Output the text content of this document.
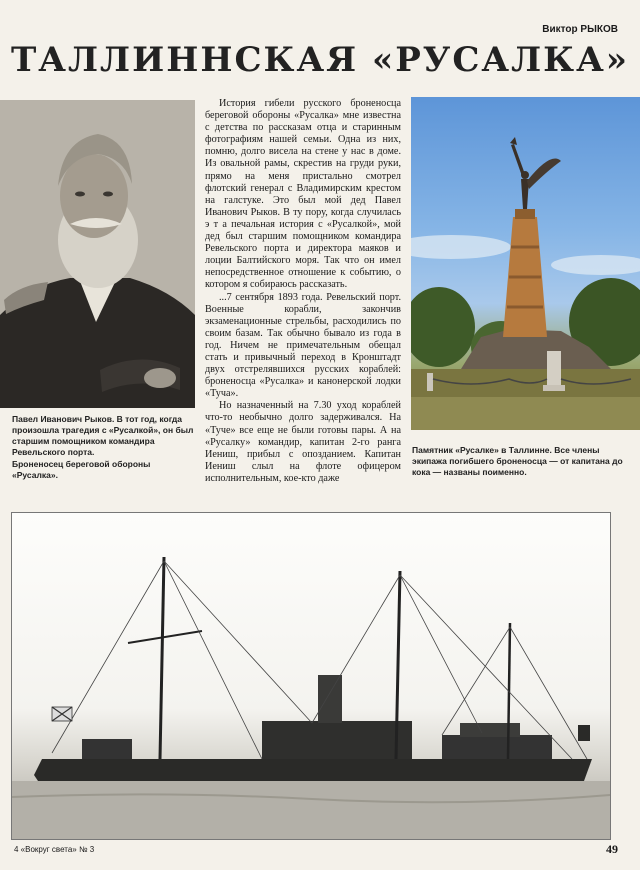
Виктор РЫКОВ
ТАЛЛИННСКАЯ «РУСАЛКА»

Павел Иванович Рыков. В тот год, когда произошла трагедия с «Русалкой», он был старшим помощником командира Ревельского порта.

Броненосец береговой обороны «Русалка».

История гибели русского броненосца береговой обороны «Русалка» мне известна с детства по рассказам отца и старинным фотографиям нашей семьи. Одна из них, помню, долго висела на стене у нас в доме. Из овальной рамы, скрестив на груди руки, прямо на меня пристально смотрел флотский генерал с Владимирским крестом на галстуке. Это был мой дед Павел Иванович Рыков. В ту пору, когда случилась э т а печальная история с «Русалкой», мой дед был старшим помощником командира Ревельского порта и директора маяков и лоции Балтийского моря. Так что он имел непосредственное отношение к событию, о котором я собираюсь рассказать.

...7 сентября 1893 года. Ревельский порт. Военные корабли, закончив экзаменационные стрельбы, расходились по своим базам. Так обычно бывало из года в год. Ничем не примечательным обещал стать и привычный переход в Кронштадт двух отстрелявшихся русских кораблей: броненосца «Русалка» и канонерской лодки «Туча».

Но назначенный на 7.30 уход кораблей что-то необычно долго задерживался. На «Туче» все еще не были готовы пары. А на «Русалку» командир, капитан 2-го ранга Иениш, прибыл с опозданием. Капитан Иениш слыл на флоте офицером исполнительным, кое-кто даже

Памятник «Русалке» в Таллинне. Все члены экипажа погибшего броненосца — от капитана до кока — названы поименно.

4 «Вокруг света» № 3	49
